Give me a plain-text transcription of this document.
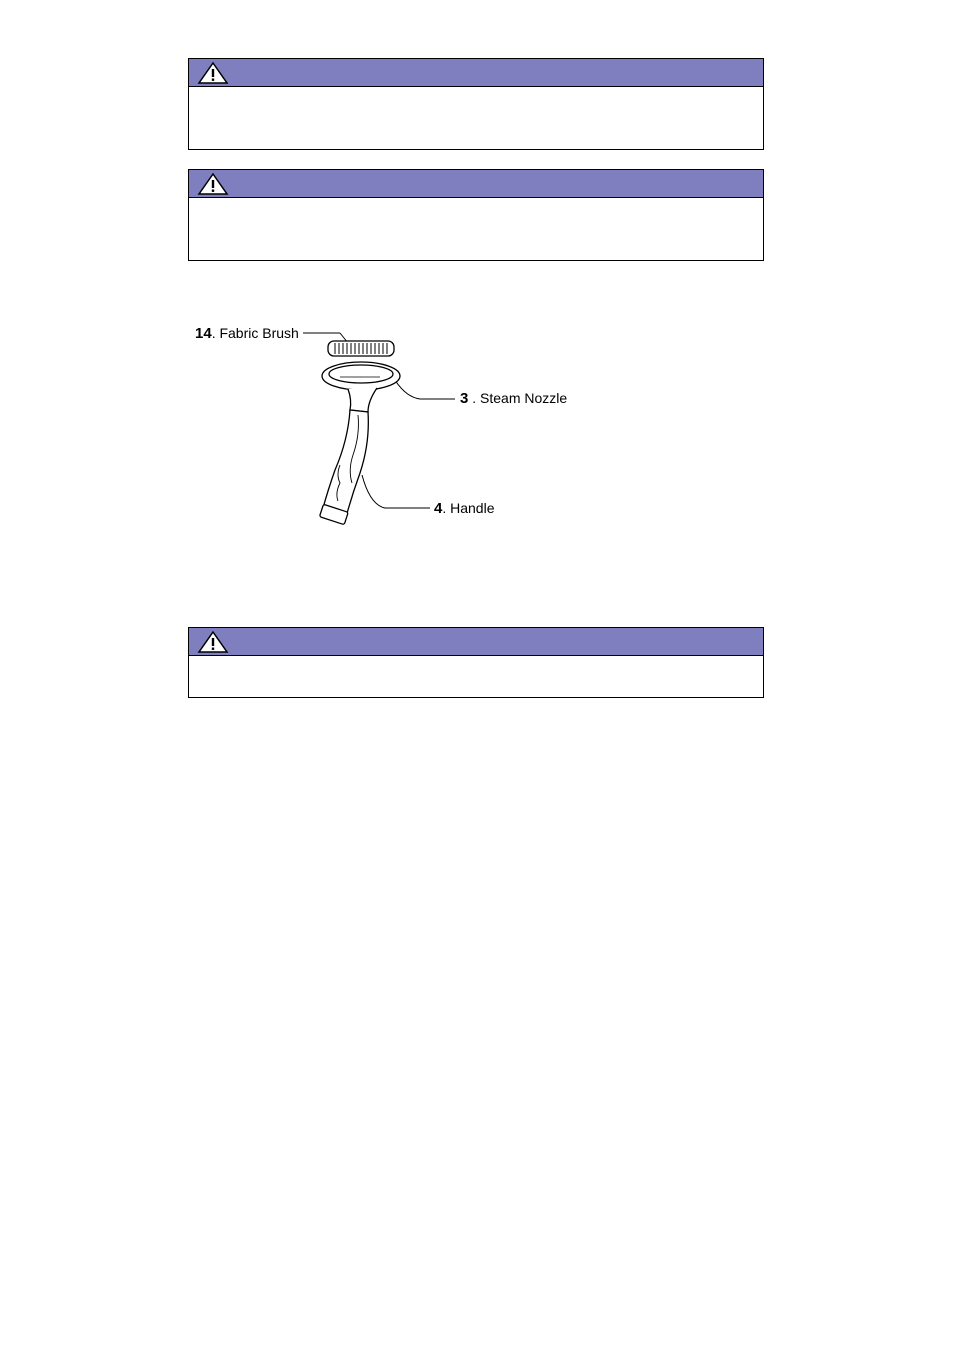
14. Fabric Brush
3 . Steam Nozzle
4. Handle
